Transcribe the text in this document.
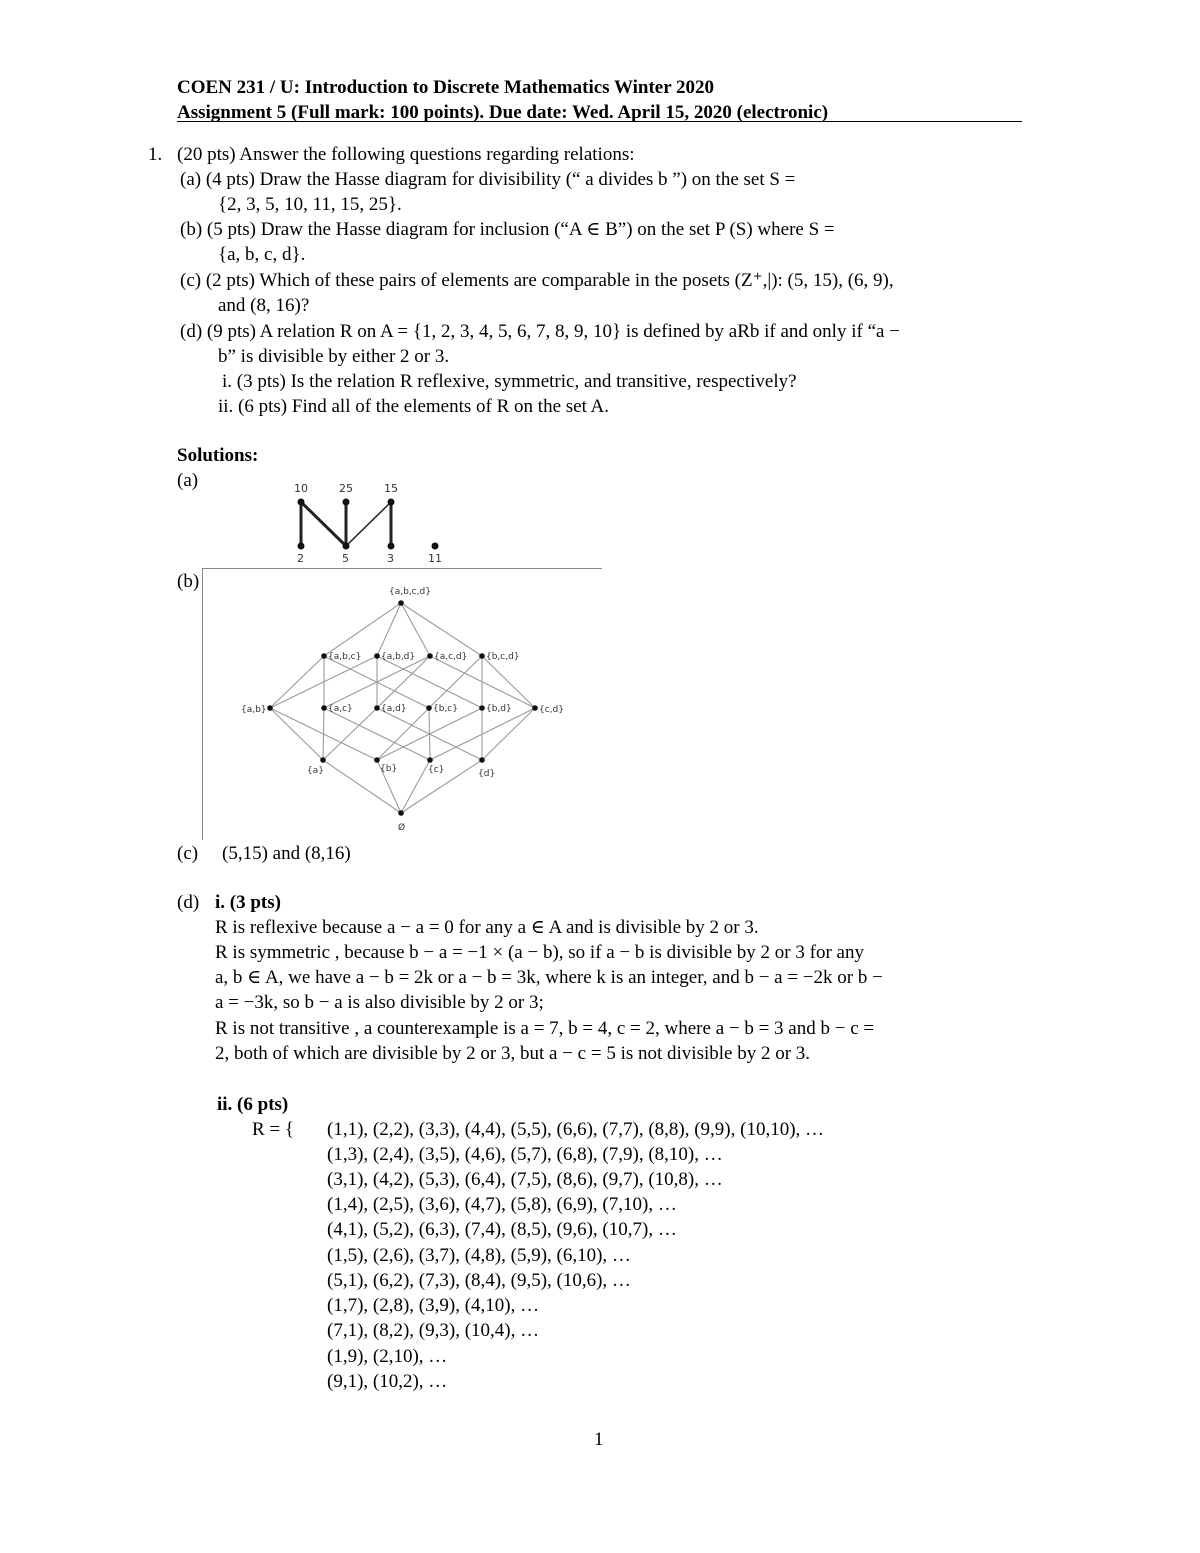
COEN 231 / U: Introduction to Discrete Mathematics Winter 2020
Assignment 5 (Full mark: 100 points). Due date: Wed. April 15, 2020 (electronic)
1. (20 pts) Answer the following questions regarding relations:
(a) (4 pts) Draw the Hasse diagram for divisibility (“ a divides b ”) on the set S =
{2, 3, 5, 10, 11, 15, 25}.
(b) (5 pts) Draw the Hasse diagram for inclusion (“A ∈ B”) on the set P (S) where S =
{a, b, c, d}.
(c) (2 pts) Which of these pairs of elements are comparable in the posets (Z⁺,|): (5, 15), (6, 9),
and (8, 16)?
(d) (9 pts) A relation R on A = {1, 2, 3, 4, 5, 6, 7, 8, 9, 10} is defined by aRb if and only if “a −
b” is divisible by either 2 or 3.
i. (3 pts) Is the relation R reflexive, symmetric, and transitive, respectively?
ii. (6 pts) Find all of the elements of R on the set A.
Solutions:
(a)	10	25	15
2	5	3	11
(b)	{a,b,c,d}
{a,b,c} {a,b,d} {a,c,d} {b,c,d}
{a,b}	{a,c}	{a,d}	{b,c}	{b,d}	{c,d}
{a}	{b}	{c}	{d}
Ø
(c) (5,15) and (8,16)
(d) i. (3 pts)
R is reflexive because a − a = 0 for any a ∈ A and is divisible by 2 or 3.
R is symmetric , because b − a = −1 × (a − b), so if a − b is divisible by 2 or 3 for any
a, b ∈ A, we have a − b = 2k or a − b = 3k, where k is an integer, and b − a = −2k or b −
a = −3k, so b − a is also divisible by 2 or 3;
R is not transitive , a counterexample is a = 7, b = 4, c = 2, where a − b = 3 and b − c =
2, both of which are divisible by 2 or 3, but a − c = 5 is not divisible by 2 or 3.
ii. (6 pts)
R = { (1,1), (2,2), (3,3), (4,4), (5,5), (6,6), (7,7), (8,8), (9,9), (10,10), …
(1,3), (2,4), (3,5), (4,6), (5,7), (6,8), (7,9), (8,10), …
(3,1), (4,2), (5,3), (6,4), (7,5), (8,6), (9,7), (10,8), …
(1,4), (2,5), (3,6), (4,7), (5,8), (6,9), (7,10), …
(4,1), (5,2), (6,3), (7,4), (8,5), (9,6), (10,7), …
(1,5), (2,6), (3,7), (4,8), (5,9), (6,10), …
(5,1), (6,2), (7,3), (8,4), (9,5), (10,6), …
(1,7), (2,8), (3,9), (4,10), …
(7,1), (8,2), (9,3), (10,4), …
(1,9), (2,10), …
(9,1), (10,2), …
1
